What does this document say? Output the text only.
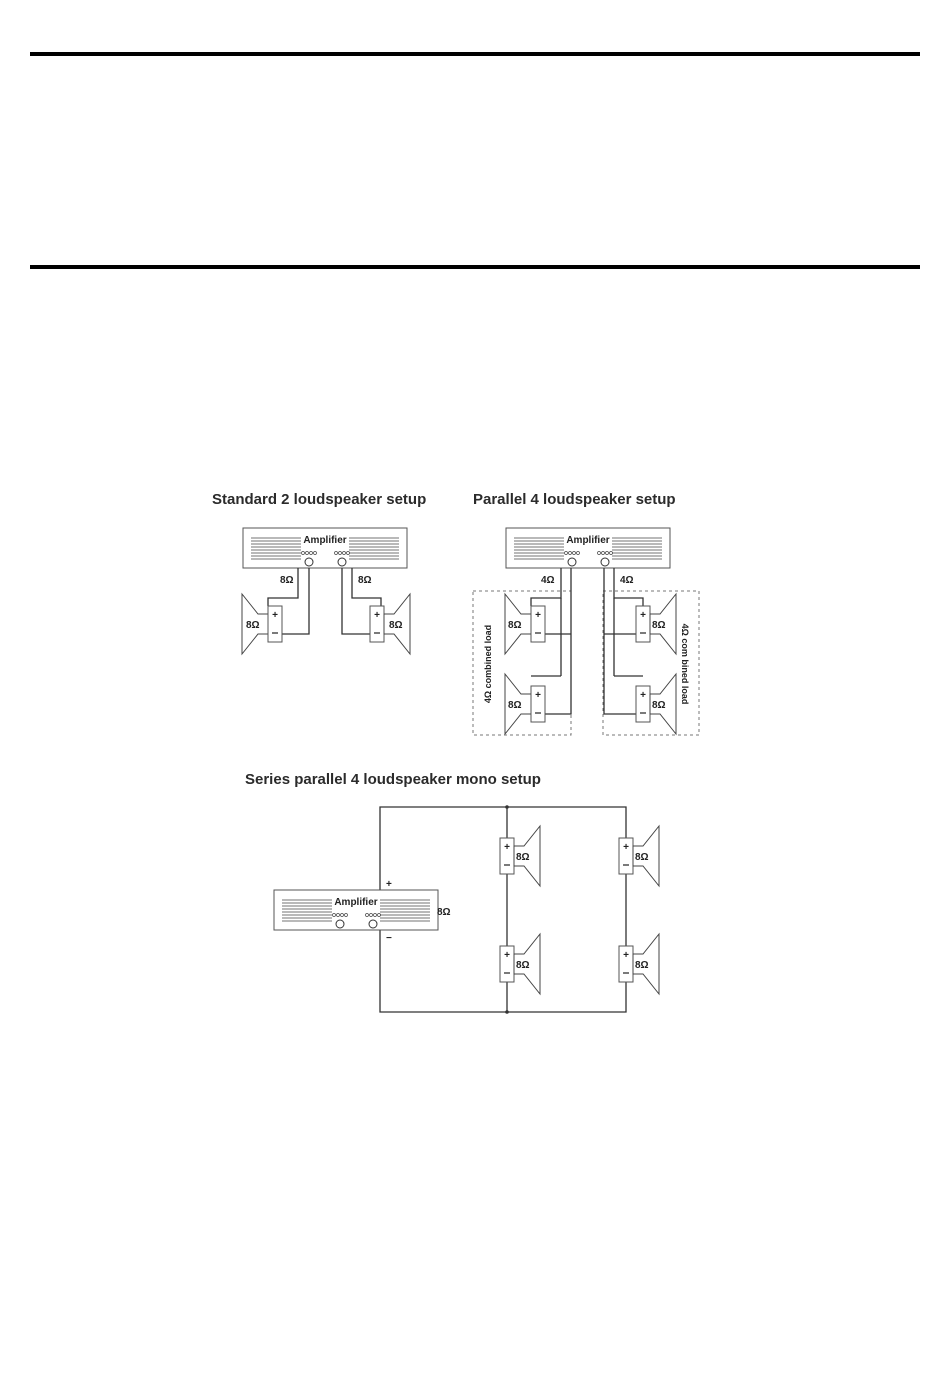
Standard 2 loudspeaker setup	Parallel 4 loudspeaker setup
Series parallel 4 loudspeaker mono setup
+	+
Amplifier
8Ω	8Ω
8Ω	8Ω
Amplifier
4Ω	4Ω
8Ω
8Ω
8Ω
8Ω
4Ω combined load	4Ω com bined load
Amplifier
+
−
8Ω
8Ω
8Ω
8Ω
8Ω
